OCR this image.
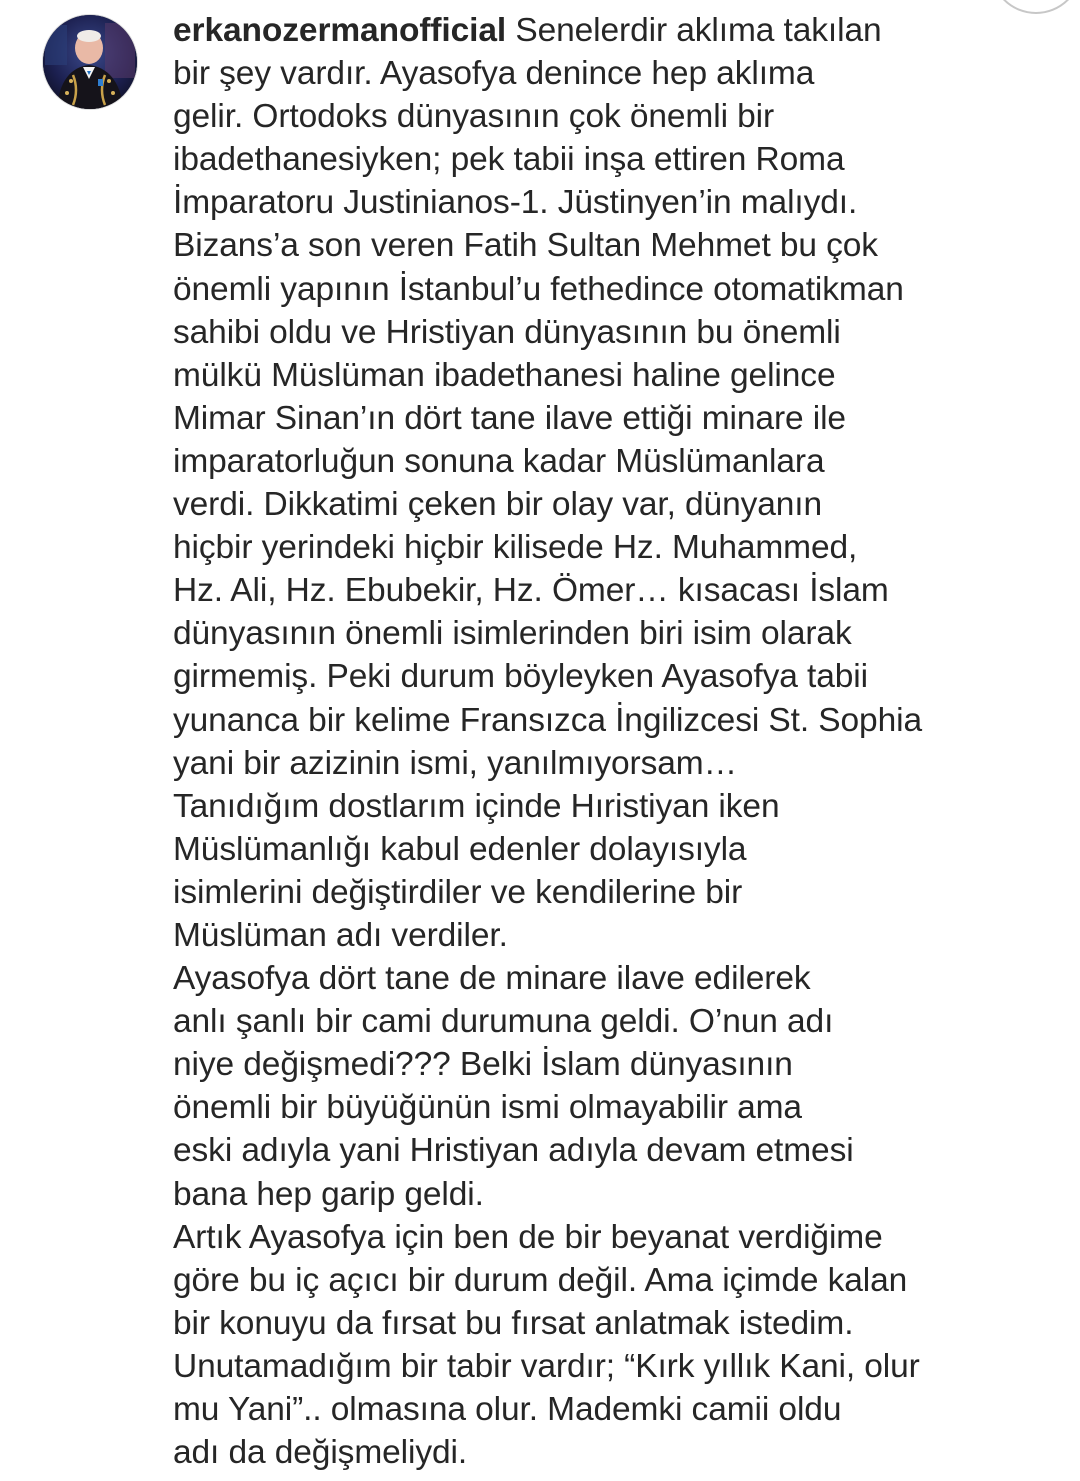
erkanozermanofficial Senelerdir aklıma takılan
bir şey vardır. Ayasofya denince hep aklıma
gelir. Ortodoks dünyasının çok önemli bir
ibadethanesiyken; pek tabii inşa ettiren Roma
İmparatoru Justinianos-1. Jüstinyen’in malıydı.
Bizans’a son veren Fatih Sultan Mehmet bu çok
önemli yapının İstanbul’u fethedince otomatikman
sahibi oldu ve Hristiyan dünyasının bu önemli
mülkü Müslüman ibadethanesi haline gelince
Mimar Sinan’ın dört tane ilave ettiği minare ile
imparatorluğun sonuna kadar Müslümanlara
verdi. Dikkatimi çeken bir olay var, dünyanın
hiçbir yerindeki hiçbir kilisede Hz. Muhammed,
Hz. Ali, Hz. Ebubekir, Hz. Ömer… kısacası İslam
dünyasının önemli isimlerinden biri isim olarak
girmemiş. Peki durum böyleyken Ayasofya tabii
yunanca bir kelime Fransızca İngilizcesi St. Sophia
yani bir azizinin ismi, yanılmıyorsam…
Tanıdığım dostlarım içinde Hıristiyan iken
Müslümanlığı kabul edenler dolayısıyla
isimlerini değiştirdiler ve kendilerine bir
Müslüman adı verdiler.
Ayasofya dört tane de minare ilave edilerek
anlı şanlı bir cami durumuna geldi. O’nun adı
niye değişmedi??? Belki İslam dünyasının
önemli bir büyüğünün ismi olmayabilir ama
eski adıyla yani Hristiyan adıyla devam etmesi
bana hep garip geldi.
Artık Ayasofya için ben de bir beyanat verdiğime
göre bu iç açıcı bir durum değil. Ama içimde kalan
bir konuyu da fırsat bu fırsat anlatmak istedim.
Unutamadığım bir tabir vardır; “Kırk yıllık Kani, olur
mu Yani”.. olmasına olur. Mademki camii oldu
adı da değişmeliydi.
